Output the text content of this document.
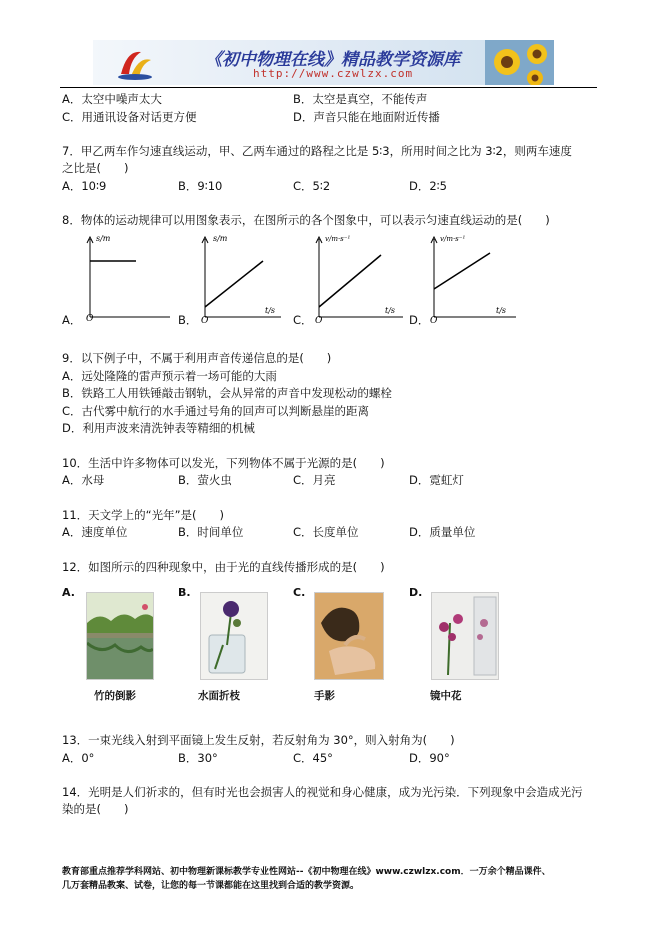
《初中物理在线》精品教学资源库
http://www.czwlzx.com
A．太空中噪声太大	B．太空是真空，不能传声
C．用通讯设备对话更方便	D．声音只能在地面附近传播
7．甲乙两车作匀速直线运动，甲、乙两车通过的路程之比是 5∶3，所用时间之比为 3∶2，则两车速度
之比是(　　)
A．10∶9	B．9∶10	C．5∶2	D．2∶5
8．物体的运动规律可以用图象表示，在图所示的各个图象中，可以表示匀速直线运动的是(　　)
A．
s/m
O	B．
s/m
t/s
O	C．
v/m·s⁻¹
t/s
O	D．
v/m·s⁻¹
t/s
O
9．以下例子中，不属于利用声音传递信息的是(　　)
A．远处隆隆的雷声预示着一场可能的大雨
B．铁路工人用铁锤敲击钢轨，会从异常的声音中发现松动的螺栓
C．古代雾中航行的水手通过号角的回声可以判断悬崖的距离
D．利用声波来清洗钟表等精细的机械
10．生活中许多物体可以发光，下列物体不属于光源的是(　　)
A．水母	B．萤火虫	C．月亮	D．霓虹灯
11．天文学上的“光年”是(　　)
A．速度单位	B．时间单位	C．长度单位	D．质量单位
12．如图所示的四种现象中，由于光的直线传播形成的是(　　)
A.
竹的倒影
B.
水面折枝
C.
手影
D.
镜中花
13．一束光线入射到平面镜上发生反射，若反射角为 30°，则入射角为(　　)
A．0°	B．30°	C．45°	D．90°
14．光明是人们祈求的，但有时光也会损害人的视觉和身心健康，成为光污染．下列现象中会造成光污
染的是(　　)
教育部重点推荐学科网站、初中物理新课标教学专业性网站--《初中物理在线》www.czwlzx.com．一万余个精品课件、
几万套精品教案、试卷，让您的每一节课都能在这里找到合适的教学资源。
